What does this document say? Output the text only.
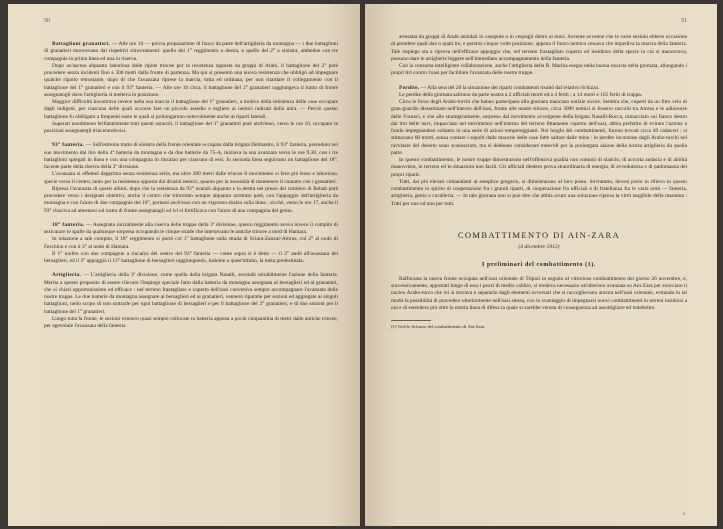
50

Battaglioni granatieri. — Alle ore 10 — previa preparazione di fuoco da parte dell'artiglieria da montagna — i due battaglioni di granatieri muovevano dai rispettivi trinceramenti: quello del 1° reggimento a destra, e quello del 2° a sinistra, ambedue con tre compagnie in prima linea ed una in riserva.

Dopo un'ascesa alquanto laboriosa dalle ripide trincee per la resistenza opposta da gruppi di Arabi, il battaglione del 2° potè procedere senza incidenti fino a 300 metri dalla fronte di partenza. Ma qui si presentò una nuova resistenza che obbligò ad impegnare qualche riparto retrostante, dopo di che l'avanzata riprese la marcia, tutta ed ordinata, per non ritardare il collegamento con il battaglione del 1° granatieri e con il 93° fanteria. — Alle ore 16 circa, il battaglione del 2° granatieri raggiungeva il tratto di fronte assegnatogli dove l'artiglieria si metteva in posizione.

Maggior difficoltà incontrava invece nella sua marcia il battaglione del 1° granatieri, a motivo della resistenza delle case occupate dagli indigeni, per ciascuna delle quali occorse fare un piccolo assedio e togliere ai nemici radicati della mira. — Perciò questo battaglione fu obbligato a frequenti soste le quali si prolungarono notevolmente anche ai riparti laterali.

Superati nondimeno brillantemente tutti questi ostacoli, il battaglione del 1° granatieri potè anch'esso, verso le ore 16, occupare le posizioni assegnategli trincerandovisi.

93° fanteria. — Sull'estremo tratto di sinistra della fronte orientale occupata dalla brigata Delmastro, il 93° fanteria, preceduto nel suo movimento dal tiro della 4ª batteria da montagna e da due batterie da 75-A, iniziava la sua avanzata verso le ore 9,30, con i tre battaglioni spiegati in linea e con una compagnia in rincalzo per ciascuno di essi. In seconda linea seguivano un battaglione del 18°, facente parte della riserva della 2ª divisione.

L'avanzata si effettuò dapprima senza resistenza seria, ma oltre 300 metri dalle trincee il movimento si fece più lento e laborioso, specie verso il centro, tanto per la resistenza opposta dai drusini nemici, quanto per la necessità di mantenere il contatto con i granatieri.

Ripresa l'avanzata di questi ultimi, dopo che la resistenza da 93° avanzò alquanto e la destra nei pressi del cimitero di Rebab potè procedere verso i designati obiettivi, anche il centro che trincerato sempre alquanto arretrato potè, con l'appoggio dell'artiglieria da montagna e con l'aiuto di due compagnie del 18°, portarsi anch'esso con un vigoroso sbalzo sulla linea ; sicchè, verso le ore 17, anche il 93° riusciva ad attestarsi sul tratto di fronte assegnatagli ed ivi si fortificava con l'aiuto di una compagnia del genio.

18° fanteria. — Assegnato inizialmente alla riserva delle truppe della 3ª divisione, questo reggimento aveva invece il compito di assicurare le spalle da qualunque sorpresa occupando le cinque strade che intersecano le antiche trincee a nord di Hamara.

In relazione a tale compito, il 18° reggimento si portò col 1° battaglione sulla strada di Sciara-Zanzur-Amrus, col 2° al nodo di Feschino e con il 3° al nodo di Hamara.

Il 1° inoltre con due compagnie a rincalzo del centro del 93° fanteria — come sopra si è detto — il 2° andò all'avanzata dei bersaglieri; ed il 3° appoggiò il 13° battaglione di bersaglieri raggiungendo, insieme a quest'ultimo, la mèta predestinata.

Artiglieria. — L'artiglieria della 3ª divisione, come quella della brigata Nasalli, secondò mirabilmente l'azione della fanteria. Merita a questo proposito di essere rilevato l'impiego speciale fatto dalla batteria da montagna assegnata ai bersaglieri ed al granatieri, che si chiarì opportunissimo ed efficace : nel terreno frastagliato e coperto dell'oasi conveniva sempre accompagnare l'avanzata delle nostre truppe. Le due batterie da montagna assegnate ai bersaglieri ed ai granatieri, vennero riparatie per sezioni ed aggregate ai singoli battaglioni, nello scopo di non sottrarle per ogni battaglione di bersaglieri e per il battaglione del 2° granatieri, e di due sezioni per il battaglione del 1° granatieri.

Lungo tutta la fronte, le sezioni vennero quasi sempre collocate in batteria appena a pochi cinquantina di metri dalle antiche trincee, per agevolare l'avanzata della fanteria

51

arrestata da gruppi di Arabi annidati in casupole o in cespugli dietro ai muri. Sovente avvenne che le varie sezioni ebbero occasione di prendere quali due o quali tre, e persino cinque volte posizione, appena il fuoco nemico cessava che impediva la marcia della fanteria. Tale impiego sta a riprova dell'efficace appoggio che, nel terreno frastagliato coperto ed insidioso della specie in cui si manovrava, possono dare le artiglierie leggere nell'immediato accompagnamento della fanteria.

Con la consueta intelligente collaborazione, anche l'artiglieria della R. Marina eseguì nella buona riuscita della giornata, allungando i propri tiri contro l'oasi per facilitare l'avanzata delle nostre truppe.

Perdite. — Alla sera del 26 la situazione dei riparti combattenti risultò dal relativo Schizzo.

Le perdite della giornata salirono da parte nostra a 2 ufficiali morti ed a 4 feriti ; a 14 morti e 165 feriti di truppa.

Circa le forze degli Arabo-turchi che hanno partecipato alla giornata mancano notizie sicure. Sembra che, coperti da un fitto velo di gran-guardie disseminate nell'interno dell'oasi, fronte alle nostre trincee, circa 3000 nemici si fossero raccolti tra Amrus e le adiacenze delle Fornaci, e che alle strategicamente, sorpreso dal movimento avvolgente della brigata Nasalli-Rocca, minacciato sul fianco destro dal tiro delle navi, impacciato nel movimento nell'interno del terreno fittamente coperto dell'oasi, abbia preferito di evitare l'azione a fondo impegnandosi soltanto in una serie di azioni temporeggianti. Nei luoghi dei combattimenti, furono trovati circa 40 cadaveri ; si stimavano 60 morti, senza contare i sepolti dalle macerie delle case fatte saltare dalle mine : le perdite incontrate dagli Arabo-turchi nel ravvisare del deserto sono sconosciute, ma si debbono considerare notevoli per la prolungata azione della nostra artiglieria da quella parte.

In questo combattimento, le nostre truppe dimostrarono nell'offensiva qualità non comuni di slancio, di accorta audacia e di abilità manovriera, in terreno ed in situazioni non facili. Gli ufficiali diedero prova straordinaria di energia, di avvedutezza e di padronanza dei propri riparti.

Tutti, dai più elevati comandanti al semplice gregario, si dimostrarono al loro posto. Sovratutto, devesi porre in rilievo in questo combattimento lo spirito di cooperazione fra i grandi riparti, di cooperazione fra ufficiali e di fratellanza fra le varie armi — fanteria, artiglieria, genio e cavalleria. — In tale giornata non si può dire che abbia avuto una soluzione ripresa la virtù tangibile della massima : Tutti per uno ed uno per tutti.

COMBATTIMENTO DI AIN-ZARA
(4 dicembre 1912)
I preliminari del combattimento (1).

Rafforzata la nuova fronte occupata nell'oasi orientale di Tripoli in seguito al vittorioso combattimento del giorno 26 novembre, e, successivamente, appostati lungo di essa i pezzi di medio calibro, si rendeva necessario un'ulteriore avanzata su Ain-Zara per snocciare il nucleo Arabo-turco che ivi si trovava e separarlo dagli elementi avversari che si raccoglievano ancora nell'oasi orientale, evitando in tal modo la possibilità di procedere ulteriormente nell'oasi stessa, con lo svantaggio di impegnarsi nuovi combattimenti in terreni insidiosi a noi e di estendere più oltre la nostra linea di difesa la quale si sarebbe venuta di conseguenza ad assottigliare ed indebolire.

(1) Vedi lo Schizzo del combattimento di Ain-Zara.
4
